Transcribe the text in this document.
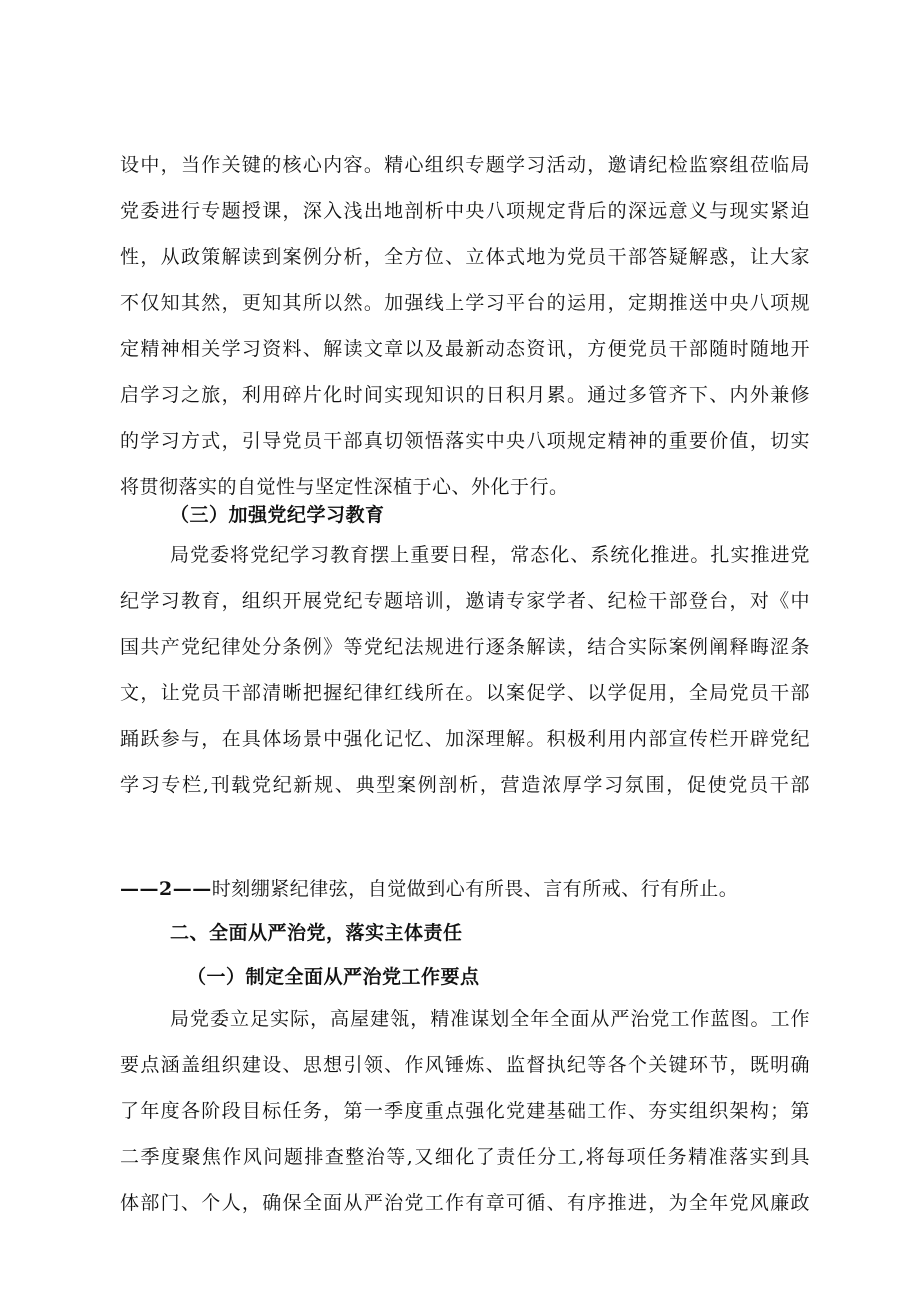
设中，当作关键的核心内容。精心组织专题学习活动，邀请纪检监察组莅临局
党委进行专题授课，深入浅出地剖析中央八项规定背后的深远意义与现实紧迫
性，从政策解读到案例分析，全方位、立体式地为党员干部答疑解惑，让大家
不仅知其然，更知其所以然。加强线上学习平台的运用，定期推送中央八项规
定精神相关学习资料、解读文章以及最新动态资讯，方便党员干部随时随地开
启学习之旅，利用碎片化时间实现知识的日积月累。通过多管齐下、内外兼修
的学习方式，引导党员干部真切领悟落实中央八项规定精神的重要价值，切实
将贯彻落实的自觉性与坚定性深植于心、外化于行。
（三）加强党纪学习教育
局党委将党纪学习教育摆上重要日程，常态化、系统化推进。扎实推进党
纪学习教育，组织开展党纪专题培训，邀请专家学者、纪检干部登台，对《中
国共产党纪律处分条例》等党纪法规进行逐条解读，结合实际案例阐释晦涩条
文，让党员干部清晰把握纪律红线所在。以案促学、以学促用，全局党员干部
踊跃参与，在具体场景中强化记忆、加深理解。积极利用内部宣传栏开辟党纪
学习专栏,刊载党纪新规、典型案例剖析，营造浓厚学习氛围，促使党员干部
——2——时刻绷紧纪律弦，自觉做到心有所畏、言有所戒、行有所止。
二、全面从严治党，落实主体责任
（一）制定全面从严治党工作要点
局党委立足实际，高屋建瓴，精准谋划全年全面从严治党工作蓝图。工作
要点涵盖组织建设、思想引领、作风锤炼、监督执纪等各个关键环节，既明确
了年度各阶段目标任务，第一季度重点强化党建基础工作、夯实组织架构；第
二季度聚焦作风问题排查整治等,又细化了责任分工,将每项任务精准落实到具
体部门、个人，确保全面从严治党工作有章可循、有序推进，为全年党风廉政
